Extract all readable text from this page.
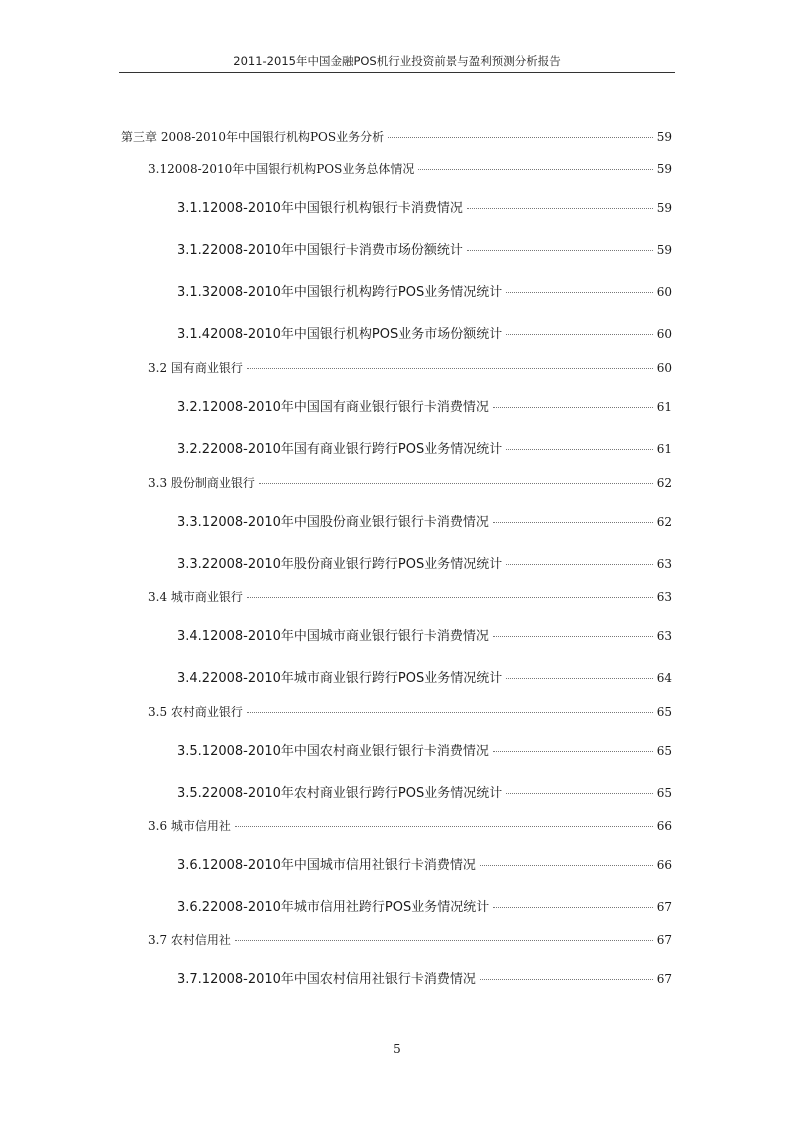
2011-2015年中国金融POS机行业投资前景与盈利预测分析报告
第三章 2008-2010年中国银行机构POS业务分析	59
3.12008-2010年中国银行机构POS业务总体情况	59
3.1.12008-2010年中国银行机构银行卡消费情况	59
3.1.22008-2010年中国银行卡消费市场份额统计	59
3.1.32008-2010年中国银行机构跨行POS业务情况统计	60
3.1.42008-2010年中国银行机构POS业务市场份额统计	60
3.2 国有商业银行	60
3.2.12008-2010年中国国有商业银行银行卡消费情况	61
3.2.22008-2010年国有商业银行跨行POS业务情况统计	61
3.3 股份制商业银行	62
3.3.12008-2010年中国股份商业银行银行卡消费情况	62
3.3.22008-2010年股份商业银行跨行POS业务情况统计	63
3.4 城市商业银行	63
3.4.12008-2010年中国城市商业银行银行卡消费情况	63
3.4.22008-2010年城市商业银行跨行POS业务情况统计	64
3.5 农村商业银行	65
3.5.12008-2010年中国农村商业银行银行卡消费情况	65
3.5.22008-2010年农村商业银行跨行POS业务情况统计	65
3.6 城市信用社	66
3.6.12008-2010年中国城市信用社银行卡消费情况	66
3.6.22008-2010年城市信用社跨行POS业务情况统计	67
3.7 农村信用社	67
3.7.12008-2010年中国农村信用社银行卡消费情况	67
5
